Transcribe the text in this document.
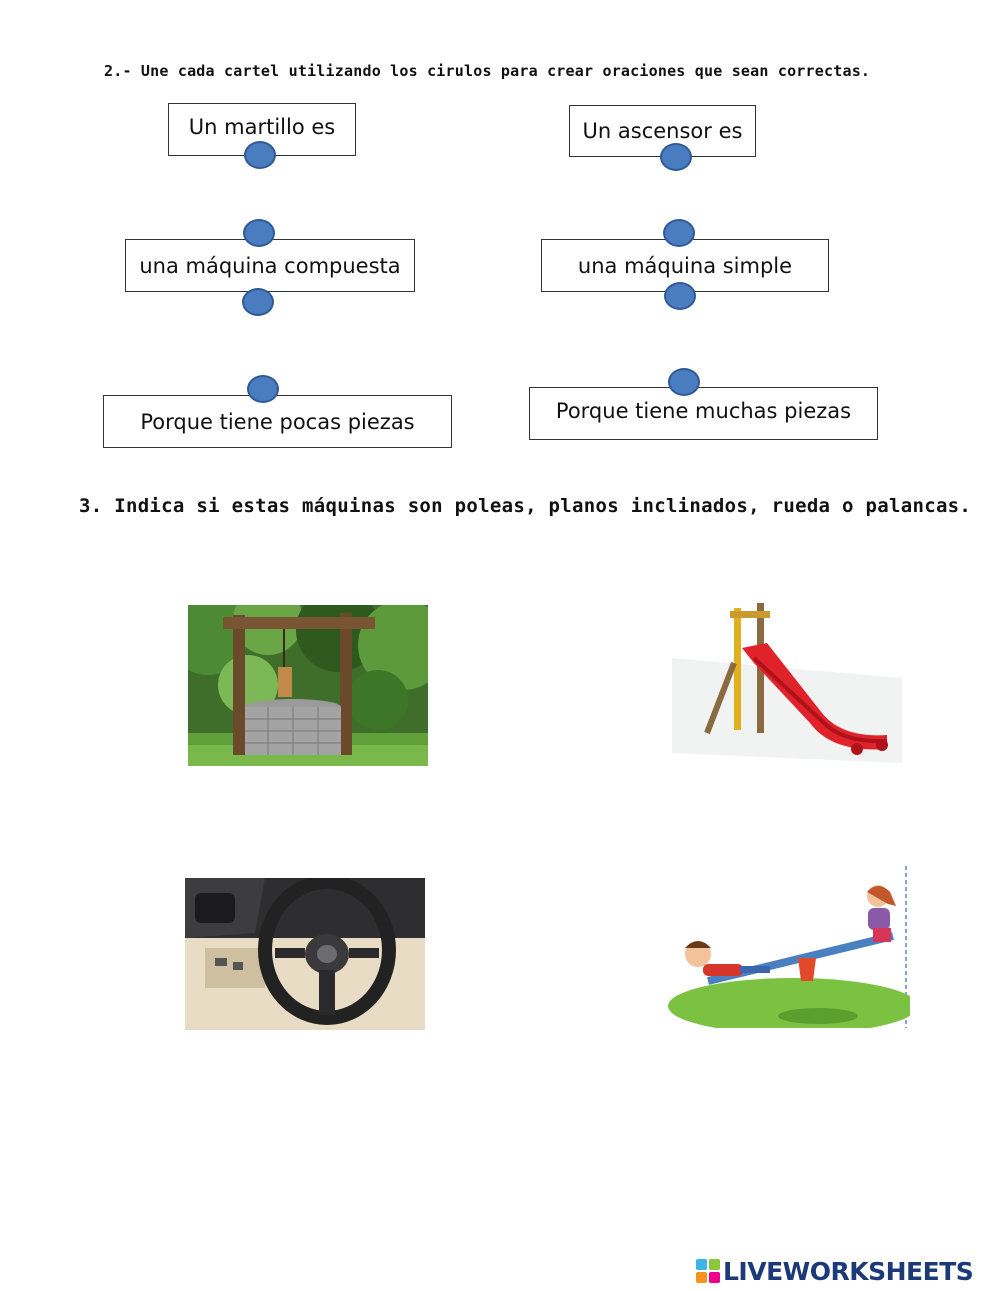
2.- Une cada cartel utilizando los cirulos para crear oraciones que sean correctas.
Un martillo es	Un ascensor es
una máquina compuesta	una máquina simple
Porque tiene pocas piezas	Porque tiene muchas piezas
3. Indica si estas máquinas son poleas, planos inclinados, rueda o palancas.
LIVEWORKSHEETS
